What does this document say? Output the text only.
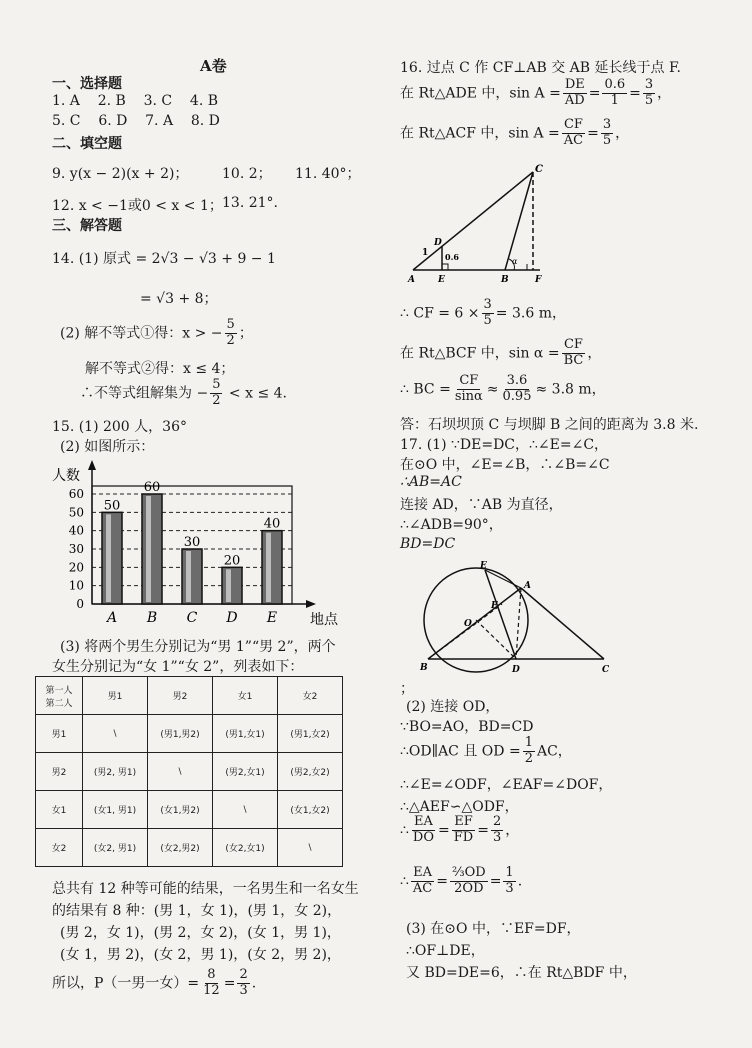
A卷
一、选择题
1. A    2. B    3. C    4. B
5. C    6. D    7. A    8. D
二、填空题
9. y(x − 2)(x + 2)； 10. 2； 11. 40°；
12. x < −1或0 < x < 1； 13. 21°.
三、解答题
14. (1) 原式 = 2√3 − √3 + 9 − 1
= √3 + 8；
(2) 解不等式①得：x > − $\frac{5}{2}$ ；
解不等式②得：x ≤ 4；
∴不等式组解集为 − $\frac{5}{2} < x \le 4$.
15. (1) 200 人，36°
(2) 如图所示：
0
10
20
30
40
50
60
人数
地点
50
A
60
B
30
C
20
D
40
E
(3) 将两个男生分别记为“男 1”“男 2”，两个
女生分别记为“女 1”“女 2”，列表如下：
第一人
第二人	男1	男2	女1	女2
男1	\	(男1,男2)	(男1,女1)	(男1,女2)
男2	(男2, 男1)	\	(男2,女1)	(男2,女2)
女1	(女1, 男1)	(女1,男2)	\	(女1,女2)
女2	(女2, 男1)	(女2,男2)	(女2,女1)	\
总共有 12 种等可能的结果，一名男生和一名女生
的结果有 8 种：(男 1，女 1)，(男 1，女 2)，
(男 2，女 1)，(男 2，女 2)，(女 1，男 1)，
(女 1，男 2)，(女 2，男 1)，(女 2，男 2)，
所以，P（一男一女）= $\frac{8}{12} = \frac{2}{3}$ .
16. 过点 C 作 CF⊥AB 交 AB 延长线于点 F.
在 Rt△ADE 中，$\sin A = \frac{DE}{AD} = \frac{0.6}{1} = \frac{3}{5}$ ，
在 Rt△ACF 中，$\sin A = \frac{CF}{AC} = \frac{3}{5}$ ，
C
D
A	E	B	F
1 0.6	α
∴ CF = $6 \times \frac{3}{5} = 3.6$ m，
在 Rt△BCF 中，$\sin \alpha = \frac{CF}{BC}$ ，
∴ BC = $\frac{CF}{\sin\alpha} \approx \frac{3.6}{0.95} \approx 3.8$ m，
答：石坝坝顶 C 与坝脚 B 之间的距离为 3.8 米.
17. (1) ∵DE=DC，∴∠E=∠C，
在⊙O 中，∠E=∠B，∴∠B=∠C
∴AB=AC
连接 AD，∵AB 为直径，
∴∠ADB=90°，
BD=DC
E
A
F
O
B	D	C
；
(2) 连接 OD，
∵BO=AO，BD=CD
∴OD∥AC 且 OD = $\frac{1}{2}$ AC，
∴∠E=∠ODF，∠EAF=∠DOF，
∴△AEF∽△ODF，
∴ $\frac{EA}{DO} = \frac{EF}{FD} = \frac{2}{3}$ ，
∴ $\frac{EA}{AC} = \frac{\text{⅔OD}}{2OD} = \frac{1}{3}$ .
(3) 在⊙O 中，∵EF=DF，
∴OF⊥DE，
又 BD=DE=6，∴在 Rt△BDF 中，
